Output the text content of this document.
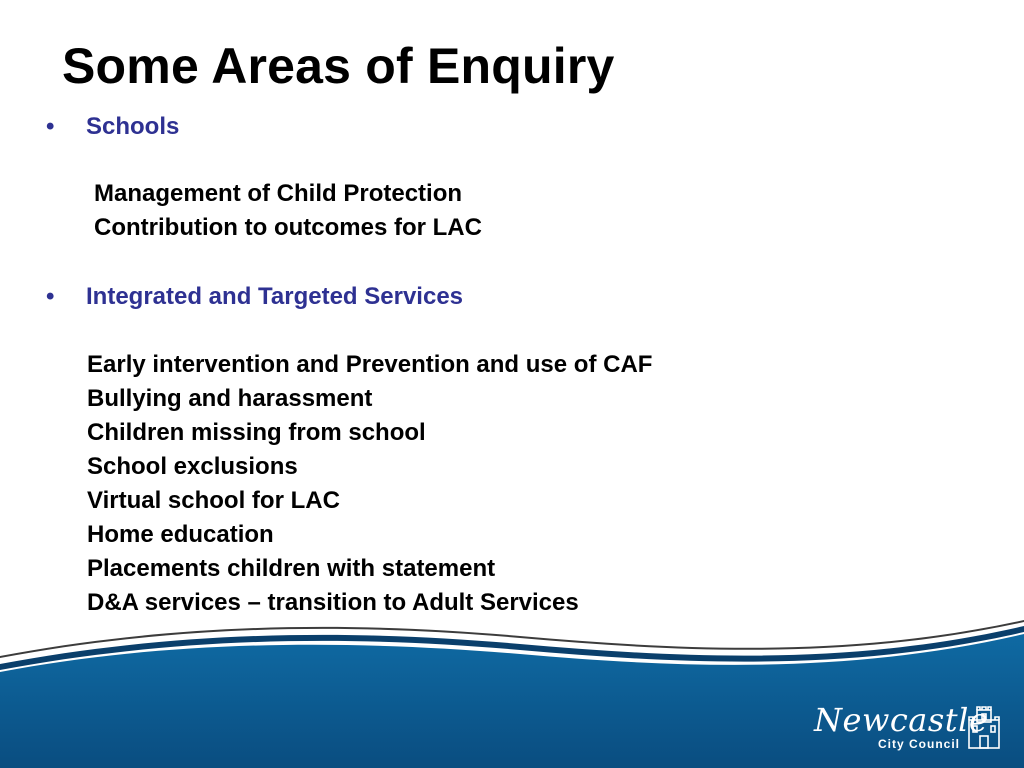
Some Areas of Enquiry
• Schools
Management of Child Protection
Contribution to outcomes for LAC
• Integrated and Targeted Services
Early intervention and Prevention and use of CAF
Bullying and harassment
Children missing from school
School exclusions
Virtual school for LAC
Home education
Placements children with statement
D&A services – transition to Adult Services
Newcastle
City Council
